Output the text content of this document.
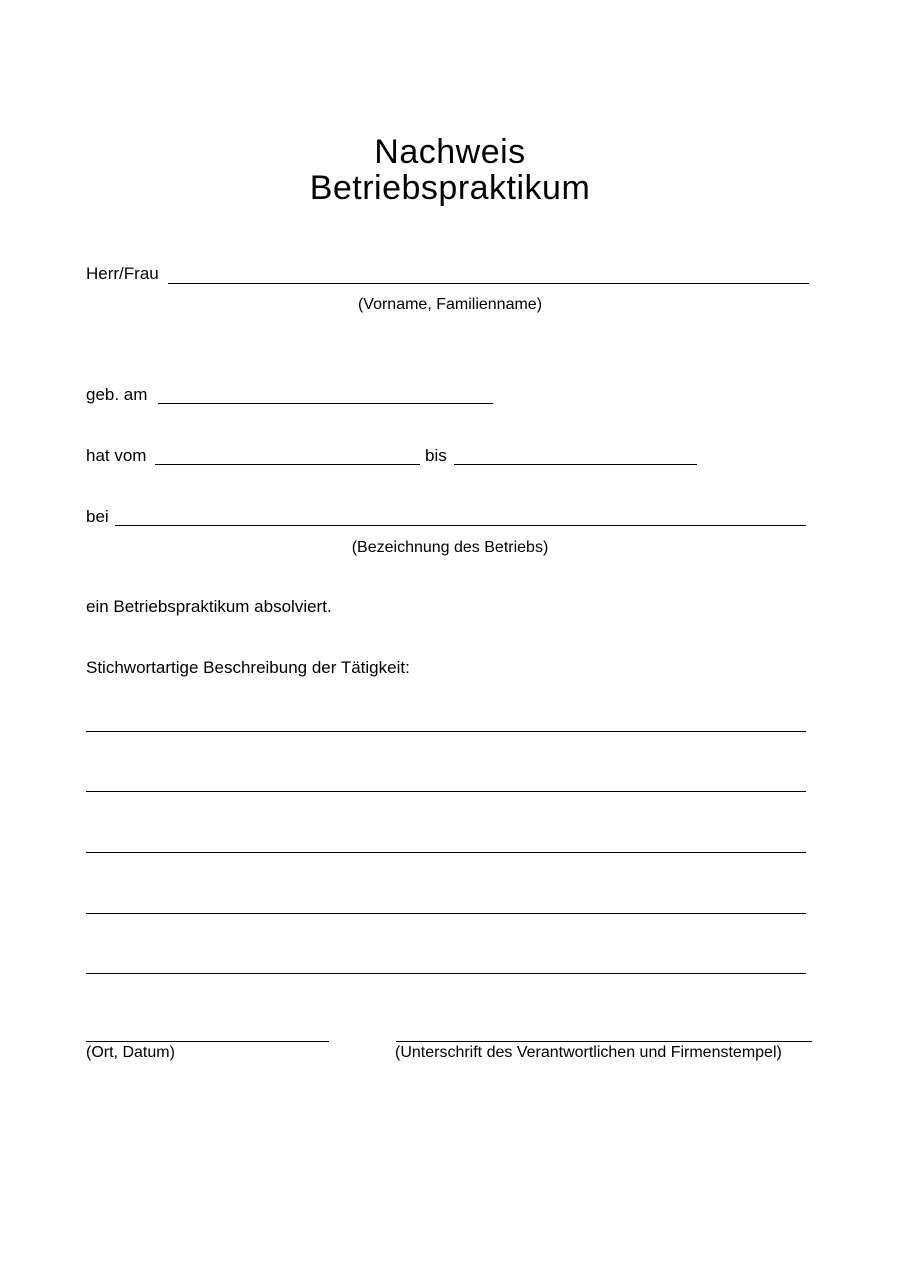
Nachweis
Betriebspraktikum
Herr/Frau
(Vorname, Familienname)
geb. am
hat vom	bis
bei
(Bezeichnung des Betriebs)
ein Betriebspraktikum absolviert.
Stichwortartige Beschreibung der Tätigkeit:
(Ort, Datum)	(Unterschrift des Verantwortlichen und Firmenstempel)
